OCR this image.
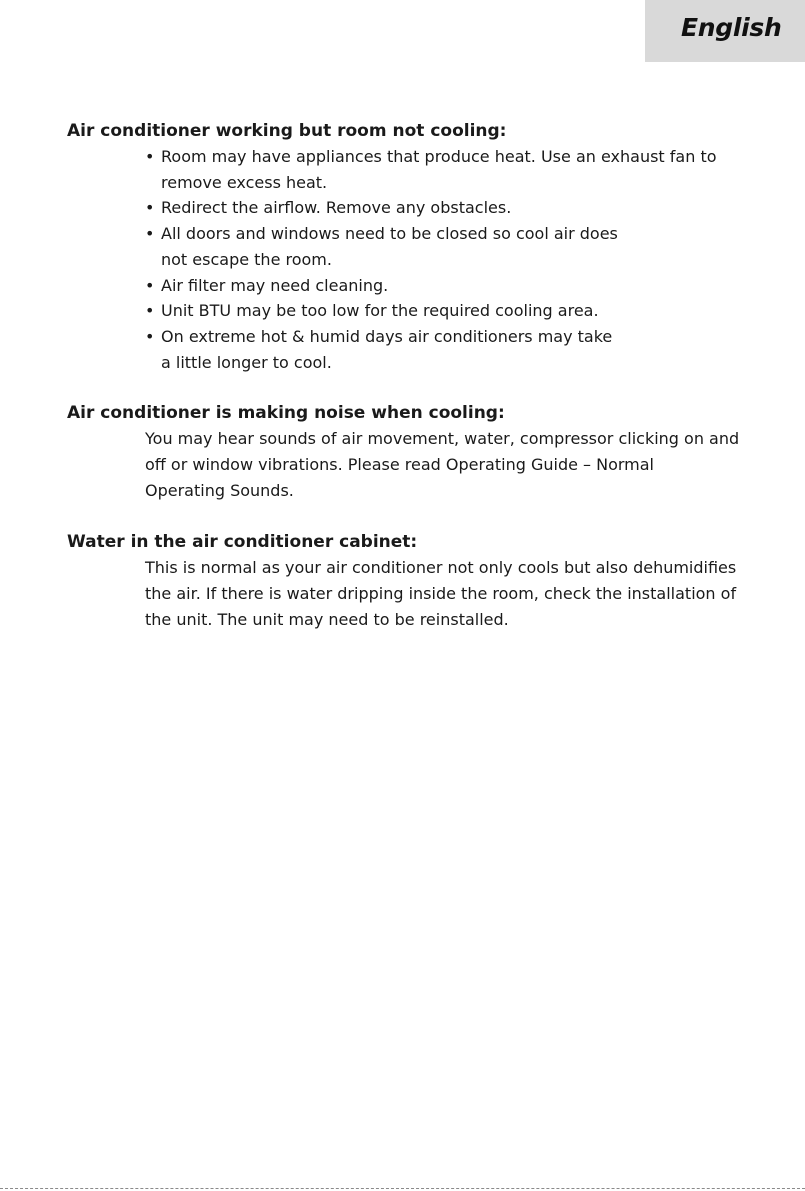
English
Air conditioner working but room not cooling:
• Room may have appliances that produce heat. Use an exhaust fan to
remove excess heat.
• Redirect the airflow. Remove any obstacles.
• All doors and windows need to be closed so cool air does
not escape the room.
• Air filter may need cleaning.
• Unit BTU may be too low for the required cooling area.
• On extreme hot & humid days air conditioners may take
a little longer to cool.
Air conditioner is making noise when cooling:

You may hear sounds of air movement, water, compressor clicking on and
off or window vibrations. Please read Operating Guide – Normal
Operating Sounds.

Water in the air conditioner cabinet:

This is normal as your air conditioner not only cools but also dehumidifies
the air. If there is water dripping inside the room, check the installation of
the unit. The unit may need to be reinstalled.
